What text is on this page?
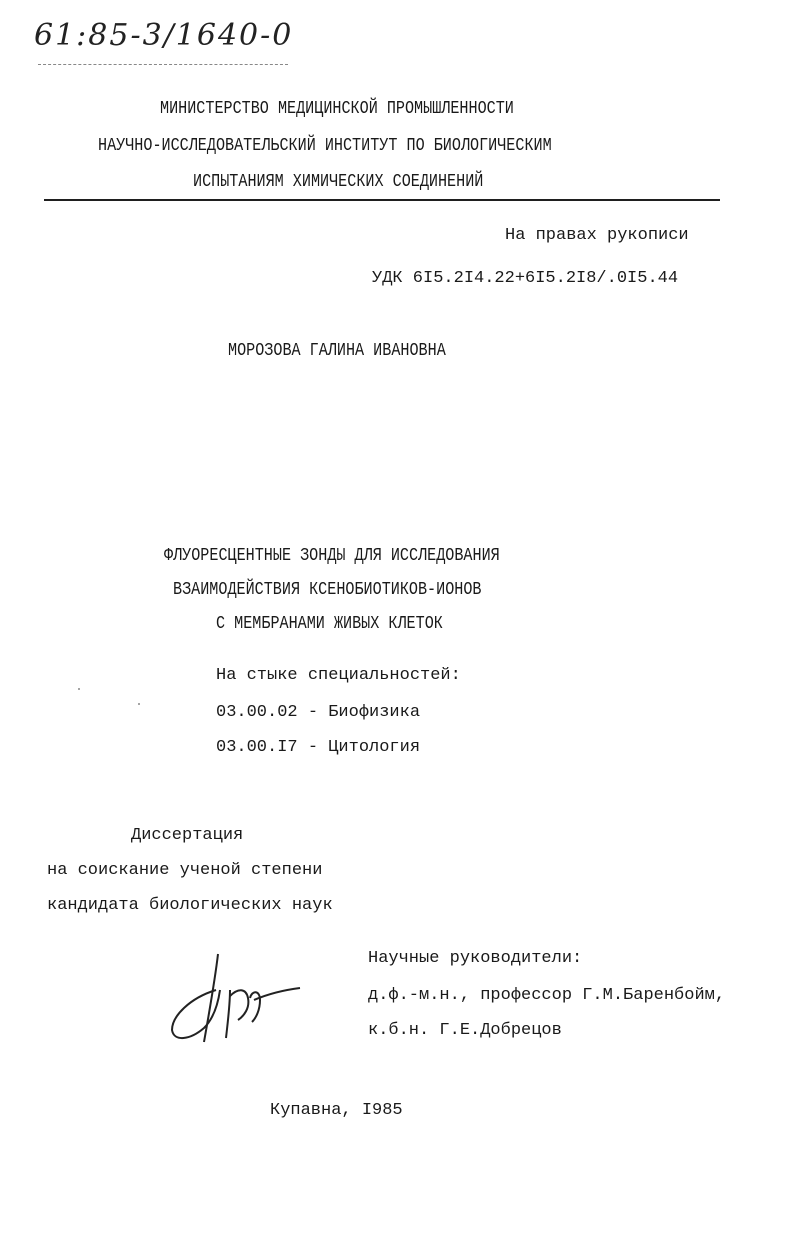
61:85-3/1640-0
МИНИСТЕРСТВО МЕДИЦИНСКОЙ ПРОМЫШЛЕННОСТИ
НАУЧНО-ИССЛЕДОВАТЕЛЬСКИЙ ИНСТИТУТ ПО БИОЛОГИЧЕСКИМ
ИСПЫТАНИЯМ ХИМИЧЕСКИХ СОЕДИНЕНИЙ
На правах рукописи
УДК 6I5.2I4.22+6I5.2I8/.0I5.44
МОРОЗОВА ГАЛИНА ИВАНОВНА
ФЛУОРЕСЦЕНТНЫЕ ЗОНДЫ ДЛЯ ИССЛЕДОВАНИЯ
ВЗАИМОДЕЙСТВИЯ КСЕНОБИОТИКОВ-ИОНОВ
С МЕМБРАНАМИ ЖИВЫХ КЛЕТОК
На стыке специальностей:
03.00.02 - Биофизика
03.00.I7 - Цитология
Диссертация
на соискание ученой степени
кандидата биологических наук
Научные руководители:
д.ф.-м.н., профессор Г.М.Баренбойм,
к.б.н. Г.Е.Добрецов
Купавна, I985
